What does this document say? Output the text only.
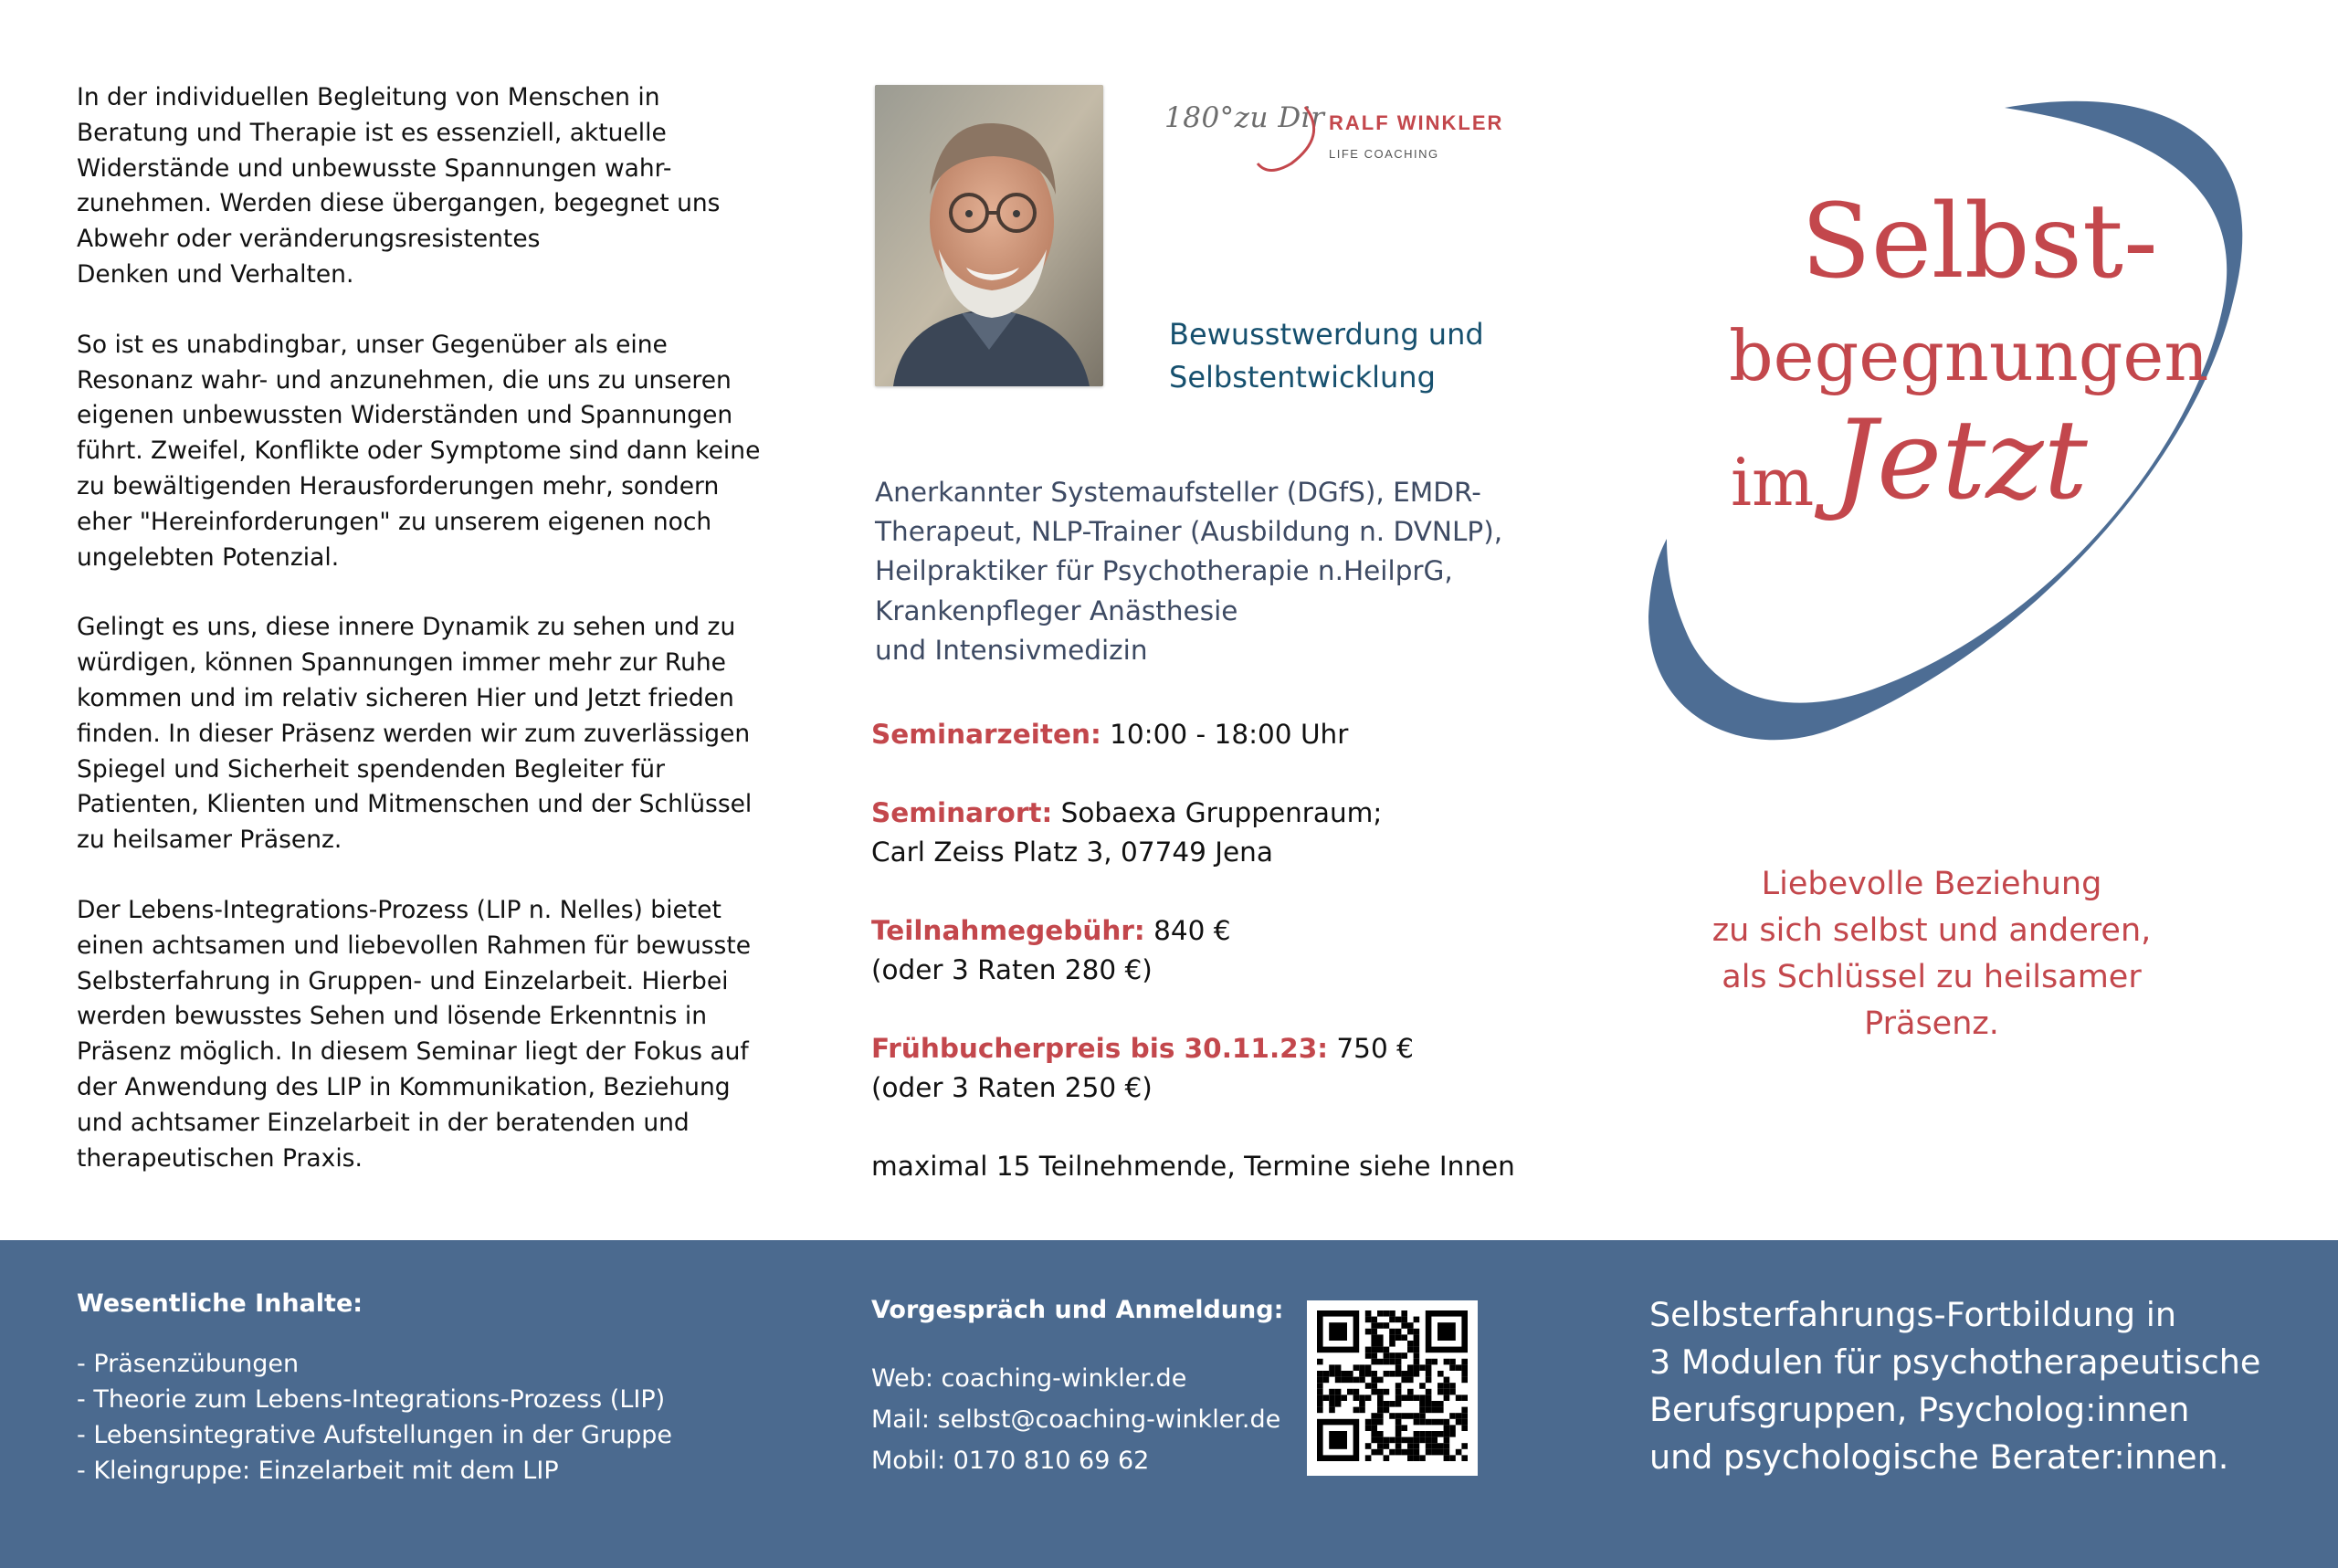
In der individuellen Begleitung von Menschen in
Beratung und Therapie ist es essenziell, aktuelle
Widerstände und unbewusste Spannungen wahr-
zunehmen. Werden diese übergangen, begegnet uns
Abwehr oder veränderungsresistentes
Denken und Verhalten.

So ist es unabdingbar, unser Gegenüber als eine
Resonanz wahr- und anzunehmen, die uns zu unseren
eigenen unbewussten Widerständen und Spannungen
führt. Zweifel, Konflikte oder Symptome sind dann keine
zu bewältigenden Herausforderungen mehr, sondern
eher "Hereinforderungen" zu unserem eigenen noch
ungelebten Potenzial.

Gelingt es uns, diese innere Dynamik zu sehen und zu
würdigen, können Spannungen immer mehr zur Ruhe
kommen und im relativ sicheren Hier und Jetzt frieden
finden. In dieser Präsenz werden wir zum zuverlässigen
Spiegel und Sicherheit spendenden Begleiter für
Patienten, Klienten und Mitmenschen und der Schlüssel
zu heilsamer Präsenz.

Der Lebens-Integrations-Prozess (LIP n. Nelles) bietet
einen achtsamen und liebevollen Rahmen für bewusste
Selbsterfahrung in Gruppen- und Einzelarbeit. Hierbei
werden bewusstes Sehen und lösende Erkenntnis in
Präsenz möglich. In diesem Seminar liegt der Fokus auf
der Anwendung des LIP in Kommunikation, Beziehung
und achtsamer Einzelarbeit in der beratenden und
therapeutischen Praxis.

180°zu Dir RALF WINKLER
LIFE COACHING
Bewusstwerdung und
Selbstentwicklung
Anerkannter Systemaufsteller (DGfS), EMDR-
Therapeut, NLP-Trainer (Ausbildung n. DVNLP),
Heilpraktiker für Psychotherapie n.HeilprG,
Krankenpfleger Anästhesie
und Intensivmedizin
Seminarzeiten: 10:00 - 18:00 Uhr
Seminarort: Sobaexa Gruppenraum;
Carl Zeiss Platz 3, 07749 Jena
Teilnahmegebühr: 840 €
(oder 3 Raten 280 €)
Frühbucherpreis bis 30.11.23: 750 €
(oder 3 Raten 250 €)
maximal 15 Teilnehmende, Termine siehe Innen
Selbst-
begegnungen
im Jetzt
Liebevolle Beziehung
zu sich selbst und anderen,
als Schlüssel zu heilsamer
Präsenz.
Wesentliche Inhalte:
- Präsenzübungen
- Theorie zum Lebens-Integrations-Prozess (LIP)
- Lebensintegrative Aufstellungen in der Gruppe
- Kleingruppe: Einzelarbeit mit dem LIP
Vorgespräch und Anmeldung:
Web: coaching-winkler.de
Mail: selbst@coaching-winkler.de
Mobil: 0170 810 69 62
Selbsterfahrungs-Fortbildung in
3 Modulen für psychotherapeutische
Berufsgruppen, Psycholog:innen
und psychologische Berater:innen.
